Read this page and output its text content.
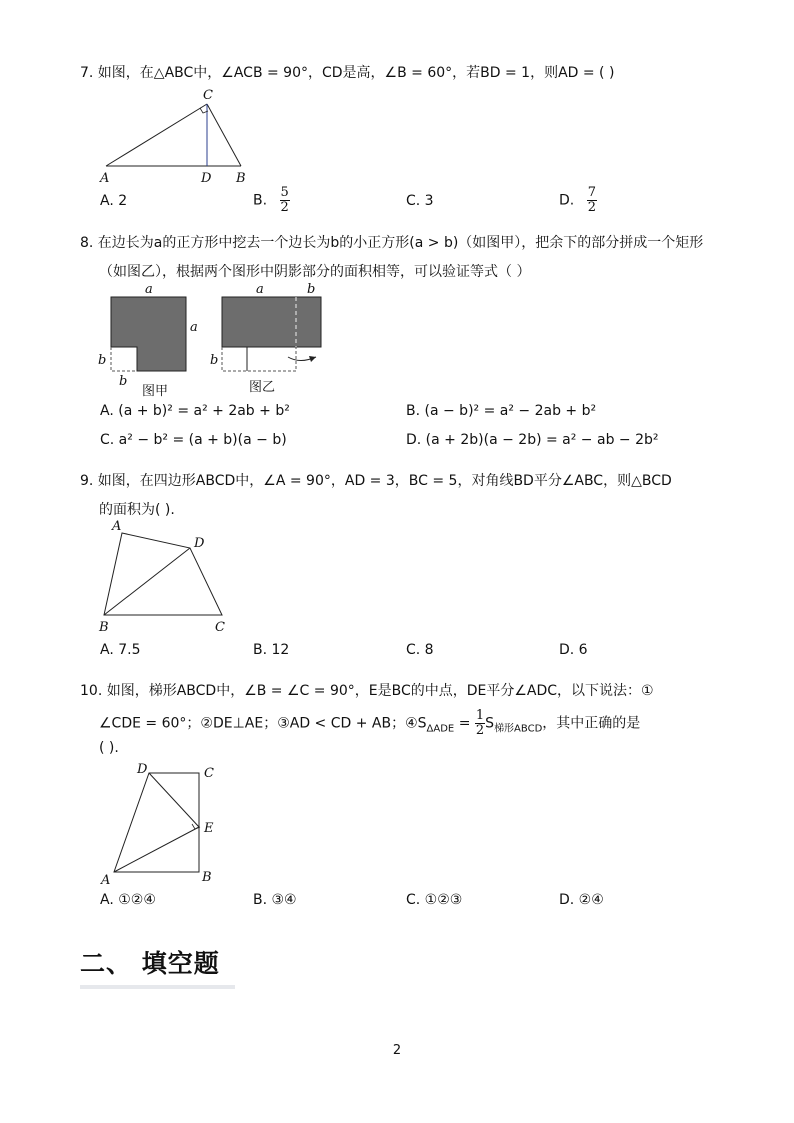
7. 如图，在△ABC中，∠ACB = 90°，CD是高，∠B = 60°，若BD = 1，则AD = ( )
C
A	D B
A. 2	B. $\frac{5}{2}$	C. 3	D. $\frac{7}{2}$
8. 在边长为a的正方形中挖去一个边长为b的小正方形(a > b)（如图甲），把余下的部分拼成一个矩形
（如图乙），根据两个图形中阴影部分的面积相等，可以验证等式（ ）
a
a
b
b
图甲
a	b
b
图乙
A. (a + b)² = a² + 2ab + b²	B. (a − b)² = a² − 2ab + b²
C. a² − b² = (a + b)(a − b)	D. (a + 2b)(a − 2b) = a² − ab − 2b²
9. 如图，在四边形ABCD中，∠A = 90°，AD = 3，BC = 5，对角线BD平分∠ABC，则△BCD
的面积为( ).
A
D
B	C
A. 7.5	B. 12	C. 8	D. 6
10. 如图，梯形ABCD中，∠B = ∠C = 90°，E是BC的中点，DE平分∠ADC，以下说法：①
∠CDE = 60°；②DE⊥AE；③AD < CD + AB；$④S_{\Delta ADE} = \frac{1}{2} S_{梯形ABCD}$，其中正确的是
( ).
D	C
E
A	B
A. ①②④	B. ③④	C. ①②③	D. ②④
二、 填空题
2
